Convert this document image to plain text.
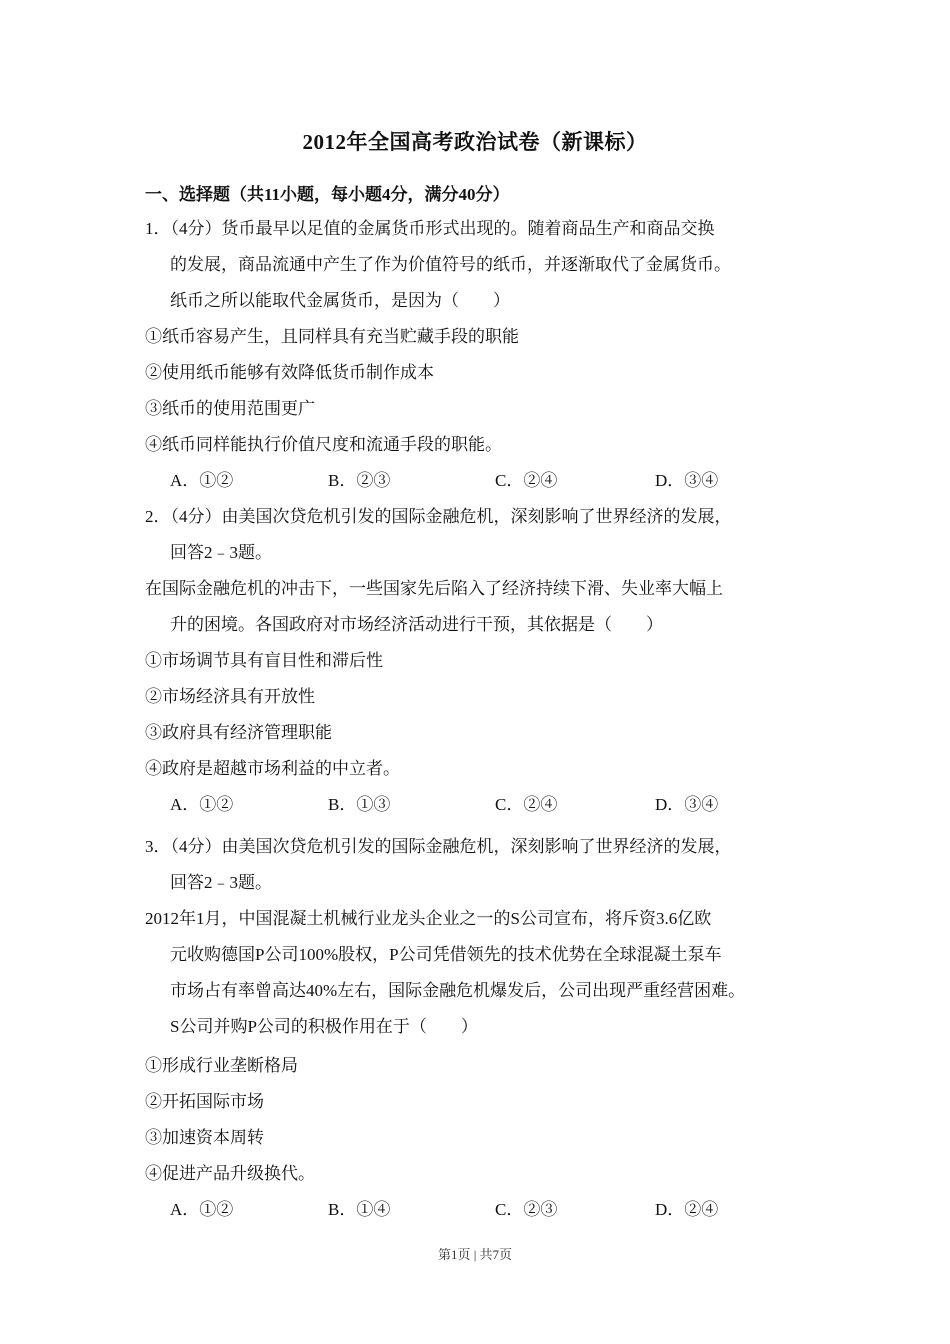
2012年全国高考政治试卷（新课标）
一、选择题（共11小题，每小题4分，满分40分）
1．（4分）货币最早以足值的金属货币形式出现的。随着商品生产和商品交换
的发展，商品流通中产生了作为价值符号的纸币，并逐渐取代了金属货币。
纸币之所以能取代金属货币，是因为（　　）
①纸币容易产生，且同样具有充当贮藏手段的职能
②使用纸币能够有效降低货币制作成本
③纸币的使用范围更广
④纸币同样能执行价值尺度和流通手段的职能。
A．①②	B．②③	C．②④	D．③④
2．（4分）由美国次贷危机引发的国际金融危机，深刻影响了世界经济的发展，
回答2﹣3题。
在国际金融危机的冲击下，一些国家先后陷入了经济持续下滑、失业率大幅上
升的困境。各国政府对市场经济活动进行干预，其依据是（　　）
①市场调节具有盲目性和滞后性
②市场经济具有开放性
③政府具有经济管理职能
④政府是超越市场利益的中立者。
A．①②	B．①③	C．②④	D．③④
3．（4分）由美国次贷危机引发的国际金融危机，深刻影响了世界经济的发展，
回答2﹣3题。
2012年1月，中国混凝土机械行业龙头企业之一的S公司宣布，将斥资3.6亿欧
元收购德国P公司100%股权，P公司凭借领先的技术优势在全球混凝土泵车
市场占有率曾高达40%左右，国际金融危机爆发后，公司出现严重经营困难。
S公司并购P公司的积极作用在于（　　）
①形成行业垄断格局
②开拓国际市场
③加速资本周转
④促进产品升级换代。
A．①②	B．①④	C．②③	D．②④
第1页 | 共7页
